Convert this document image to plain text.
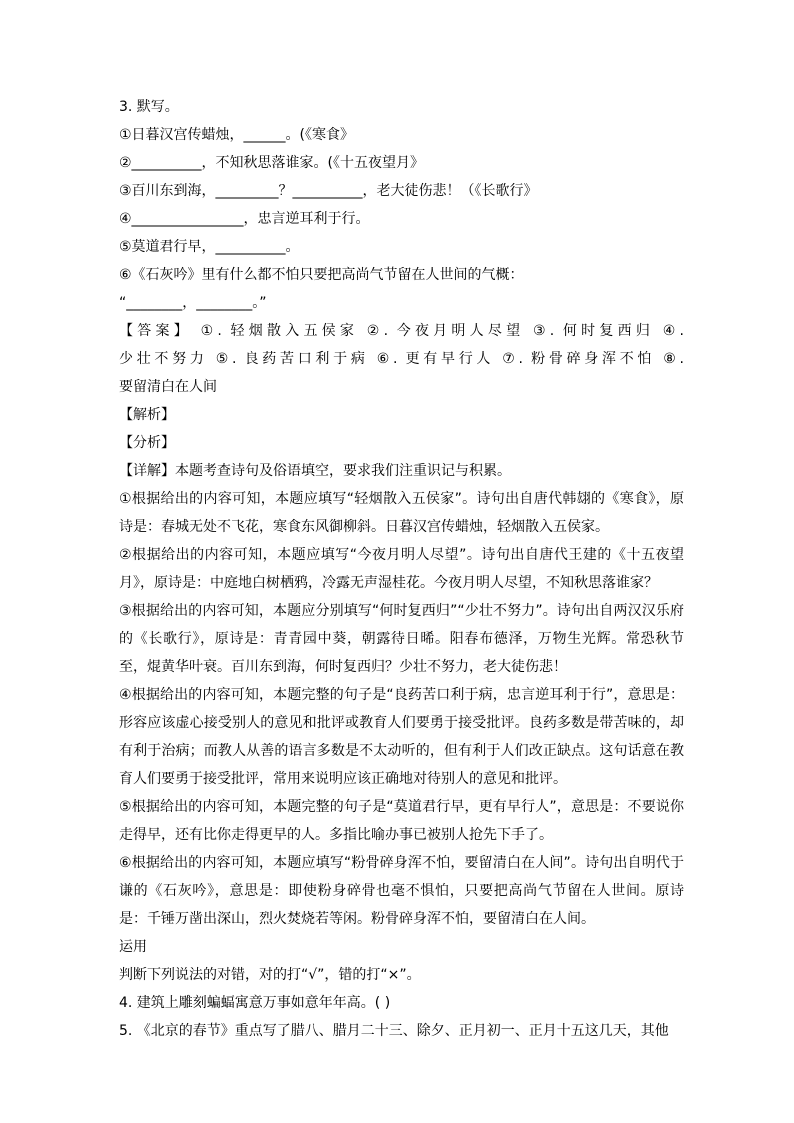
3. 默写。
①日暮汉宫传蜡烛，______。(《寒食》
②__________，不知秋思落谁家。(《十五夜望月》
③百川东到海，_________？__________，老大徒伤悲！（《长歌行》
④________________，忠言逆耳利于行。
⑤莫道君行早，__________。
⑥《石灰吟》里有什么都不怕只要把高尚气节留在人世间的气概：
“________，________。”
【答案】 ①. 轻烟散入五侯家 ②. 今夜月明人尽望 ③. 何时复西归 ④.
少壮不努力 ⑤. 良药苦口利于病 ⑥. 更有早行人 ⑦. 粉骨碎身浑不怕 ⑧.
要留清白在人间
【解析】
【分析】
【详解】本题考查诗句及俗语填空，要求我们注重识记与积累。
①根据给出的内容可知，本题应填写“轻烟散入五侯家”。诗句出自唐代韩翃的《寒食》，原诗是：春城无处不飞花，寒食东风御柳斜。日暮汉宫传蜡烛，轻烟散入五侯家。
②根据给出的内容可知，本题应填写“今夜月明人尽望”。诗句出自唐代王建的《十五夜望月》，原诗是：中庭地白树栖鸦，冷露无声湿桂花。今夜月明人尽望，不知秋思落谁家？
③根据给出的内容可知，本题应分别填写“何时复西归”“少壮不努力”。诗句出自两汉汉乐府的《长歌行》，原诗是：青青园中葵，朝露待日晞。阳春布德泽，万物生光辉。常恐秋节至，焜黄华叶衰。百川东到海，何时复西归？少壮不努力，老大徒伤悲！
④根据给出的内容可知，本题完整的句子是“良药苦口利于病，忠言逆耳利于行”，意思是：形容应该虚心接受别人的意见和批评或教育人们要勇于接受批评。良药多数是带苦味的，却有利于治病；而教人从善的语言多数是不太动听的，但有利于人们改正缺点。这句话意在教育人们要勇于接受批评，常用来说明应该正确地对待别人的意见和批评。
⑤根据给出的内容可知，本题完整的句子是“莫道君行早，更有早行人”，意思是：不要说你走得早，还有比你走得更早的人。多指比喻办事已被别人抢先下手了。
⑥根据给出的内容可知，本题应填写“粉骨碎身浑不怕，要留清白在人间”。诗句出自明代于谦的《石灰吟》，意思是：即使粉身碎骨也毫不惧怕，只要把高尚气节留在人世间。原诗是：千锤万凿出深山，烈火焚烧若等闲。粉骨碎身浑不怕，要留清白在人间。
运用
判断下列说法的对错，对的打“√”，错的打“×”。
4. 建筑上雕刻蝙蝠寓意万事如意年年高。( )
5. 《北京的春节》重点写了腊八、腊月二十三、除夕、正月初一、正月十五这几天，其他
